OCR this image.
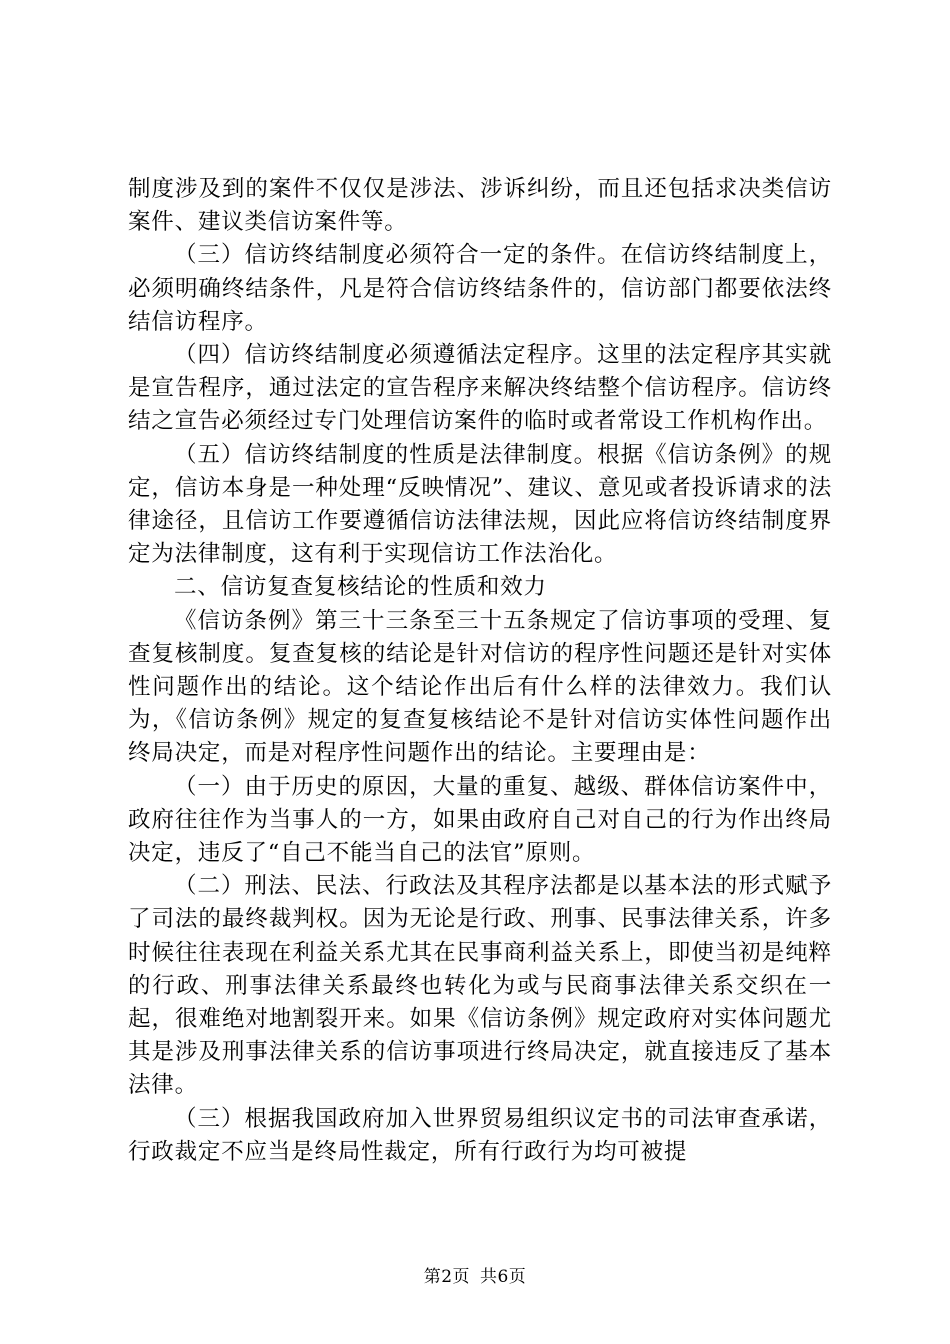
制度涉及到的案件不仅仅是涉法、涉诉纠纷，而且还包括求决类信访案件、建议类信访案件等。

（三）信访终结制度必须符合一定的条件。在信访终结制度上，必须明确终结条件，凡是符合信访终结条件的，信访部门都要依法终结信访程序。

（四）信访终结制度必须遵循法定程序。这里的法定程序其实就是宣告程序，通过法定的宣告程序来解决终结整个信访程序。信访终结之宣告必须经过专门处理信访案件的临时或者常设工作机构作出。

（五）信访终结制度的性质是法律制度。根据《信访条例》的规定，信访本身是一种处理“反映情况”、建议、意见或者投诉请求的法律途径，且信访工作要遵循信访法律法规，因此应将信访终结制度界定为法律制度，这有利于实现信访工作法治化。

二、信访复查复核结论的性质和效力

《信访条例》第三十三条至三十五条规定了信访事项的受理、复查复核制度。复查复核的结论是针对信访的程序性问题还是针对实体性问题作出的结论。这个结论作出后有什么样的法律效力。我们认为，《信访条例》规定的复查复核结论不是针对信访实体性问题作出终局决定，而是对程序性问题作出的结论。主要理由是：

（一）由于历史的原因，大量的重复、越级、群体信访案件中，政府往往作为当事人的一方，如果由政府自己对自己的行为作出终局决定，违反了“自己不能当自己的法官”原则。

（二）刑法、民法、行政法及其程序法都是以基本法的形式赋予了司法的最终裁判权。因为无论是行政、刑事、民事法律关系，许多时候往往表现在利益关系尤其在民事商利益关系上，即使当初是纯粹的行政、刑事法律关系最终也转化为或与民商事法律关系交织在一起，很难绝对地割裂开来。如果《信访条例》规定政府对实体问题尤其是涉及刑事法律关系的信访事项进行终局决定，就直接违反了基本法律。

（三）根据我国政府加入世界贸易组织议定书的司法审查承诺，行政裁定不应当是终局性裁定，所有行政行为均可被提

第2页 共6页
